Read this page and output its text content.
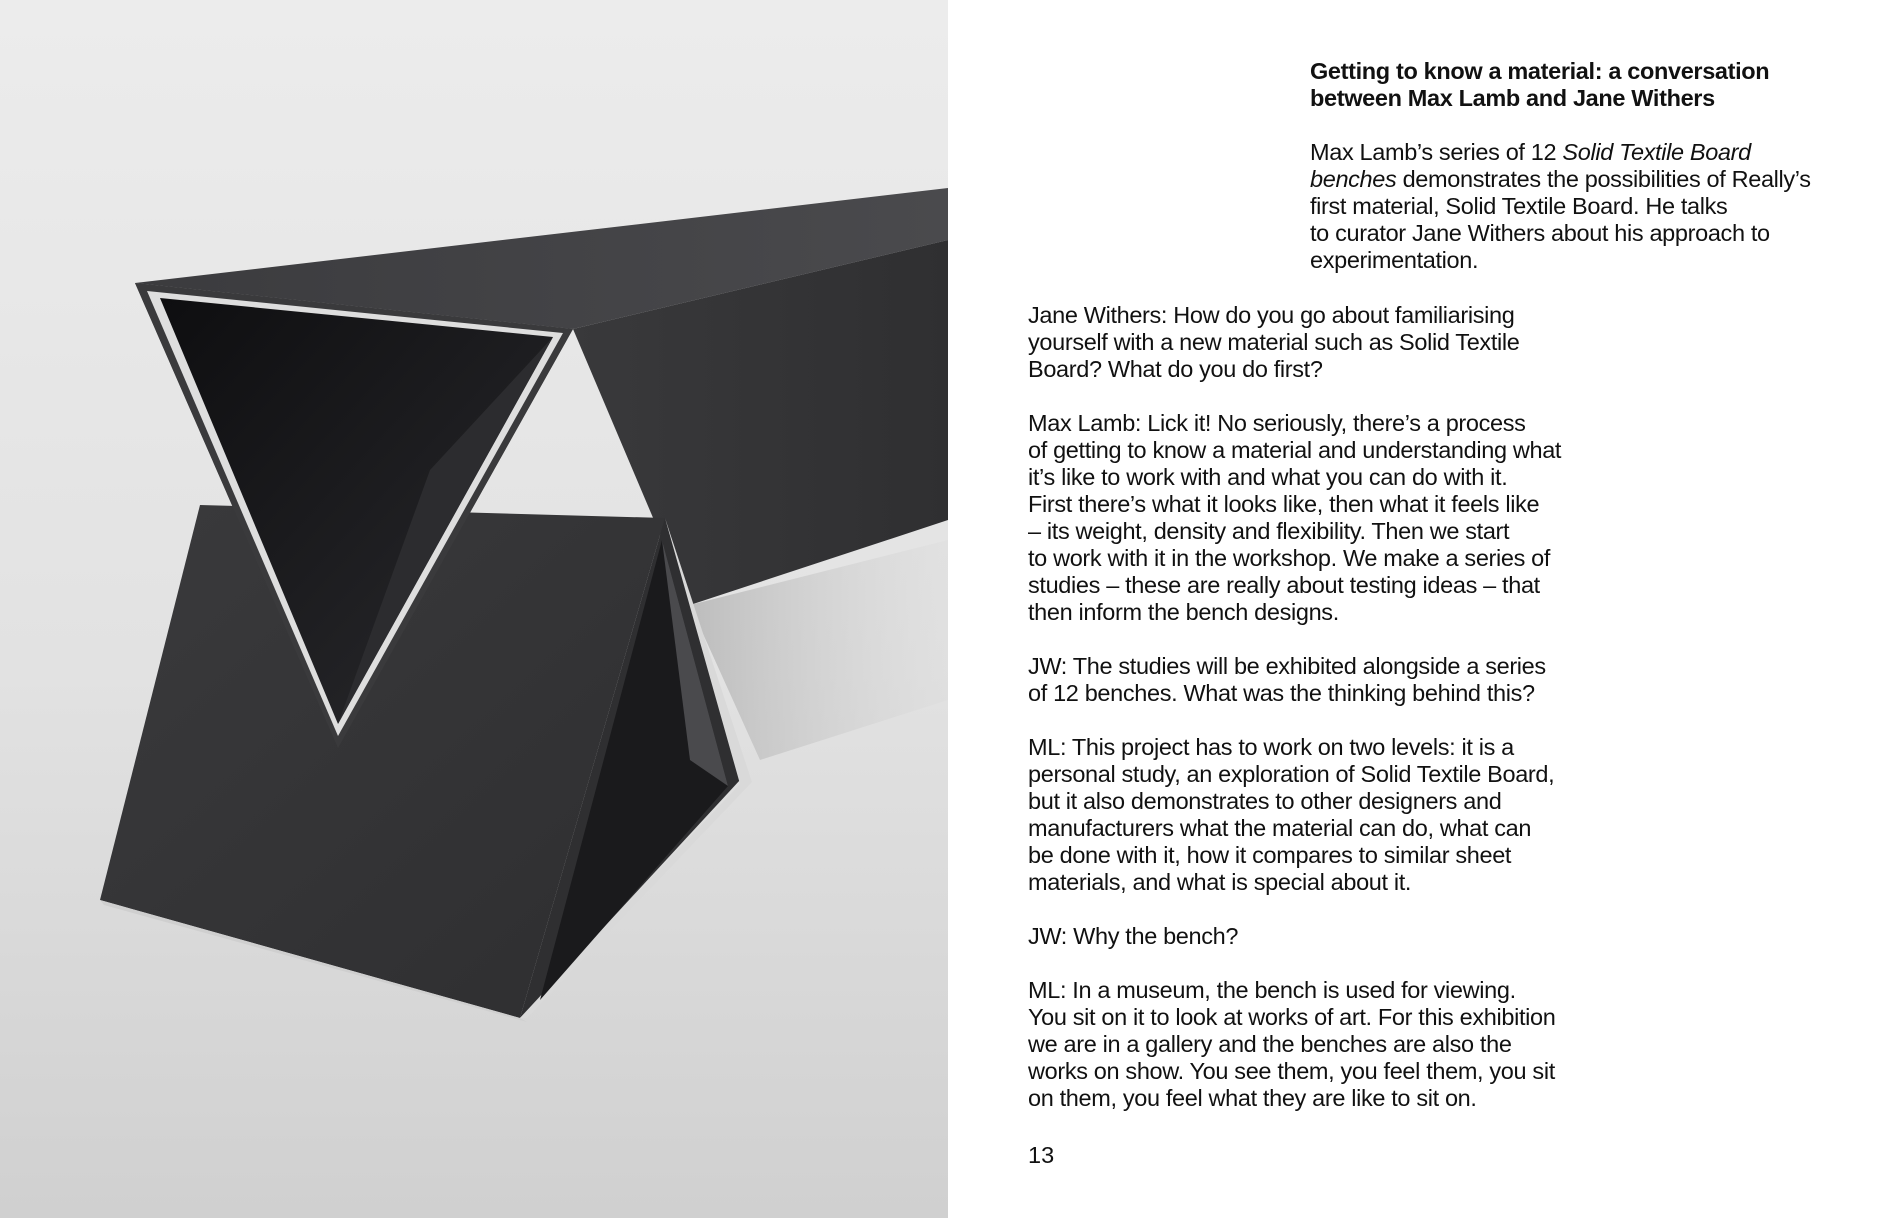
Getting to know a material: a conversation
between Max Lamb and Jane Withers

Max Lamb’s series of 12 Solid Textile Board
benches demonstrates the possibilities of Really’s
first material, Solid Textile Board. He talks
to curator Jane Withers about his approach to
experimentation.

Jane Withers: How do you go about familiarising
yourself with a new material such as Solid Textile
Board? What do you do first?

Max Lamb: Lick it! No seriously, there’s a process
of getting to know a material and understanding what
it’s like to work with and what you can do with it.
First there’s what it looks like, then what it feels like
– its weight, density and flexibility. Then we start
to work with it in the workshop. We make a series of
studies – these are really about testing ideas – that
then inform the bench designs.

JW: The studies will be exhibited alongside a series
of 12 benches. What was the thinking behind this?

ML: This project has to work on two levels: it is a
personal study, an exploration of Solid Textile Board,
but it also demonstrates to other designers and
manufacturers what the material can do, what can
be done with it, how it compares to similar sheet
materials, and what is special about it.

JW: Why the bench?

ML: In a museum, the bench is used for viewing.
You sit on it to look at works of art. For this exhibition
we are in a gallery and the benches are also the
works on show. You see them, you feel them, you sit
on them, you feel what they are like to sit on.

13
